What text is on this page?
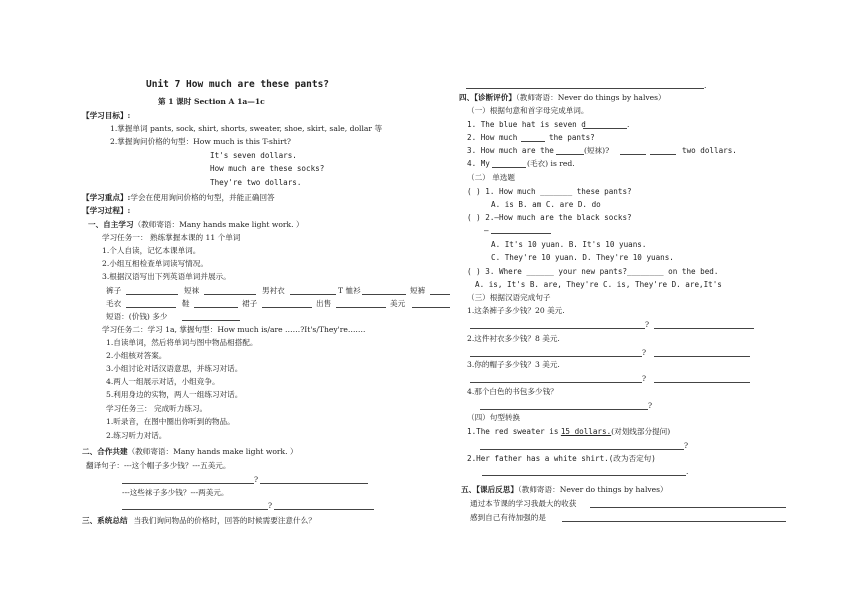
Unit 7 How much are these pants?
第 1 课时 Section A 1a—1c
【学习目标】:
1.掌握单词 pants, sock, shirt, shorts, sweater, shoe, skirt, sale, dollar 等
2.掌握询问价格的句型：How much is this T-shirt?
It's seven dollars.
How much are these socks?
They're two dollars.
【学习重点】:学会在使用询问价格的句型，并能正确回答
【学习过程】:
一、自主学习（教师寄语：Many hands make light work. ）
学习任务一： 熟练掌握本课的 11 个单词
1.个人自读，记忆本课单词。
2.小组互相检查单词读写情况。
3.根据汉语写出下列英语单词并展示。
裤子	短袜	男衬衣	T 恤衫	短裤
毛衣	鞋	裙子	出售	美元
短语：(价钱) 多少
学习任务二：学习 1a, 掌握句型：How much is/are ……?It's/They're…….
1.自读单词，然后将单词与图中物品相搭配。
2.小组核对答案。
3.小组讨论对话汉语意思，并练习对话。
4.两人一组展示对话，小组竞争。
5.利用身边的实物，两人一组练习对话。
学习任务三： 完成听力练习。
1.听录音，在图中圈出你听到的物品。
2.练习听力对话。
二、合作共建（教师寄语：Many hands make light work. ）
翻译句子：---这个帽子多少钱？---五美元。
?
---这些袜子多少钱？---两美元。
?
三、系统总结 当我们询问物品的价格时，回答的时候需要注意什么？
.
四、【诊断评价】（教师寄语：Never do things by halves）
（一）根据句意和首字母完成单词。
1. The blue hat is seven d	.
2. How much	the pants?
3. How much are the	(短袜)?	two dollars.
4. My	(毛衣) is red.
（二） 单选题
( ) 1. How much _______ these pants?
A. is B. am C. are D. do
( ) 2.—How much are the black socks?
—
A. It's 10 yuan. B. It's 10 yuans.
C. They're 10 yuan. D. They're 10 yuans.
( ) 3. Where ______ your new pants?________ on the bed.
A. is, It's B. are, They're C. is, They're D. are,It's
（三）根据汉语完成句子
1.这条裤子多少钱？20 美元.
?
2.这件衬衣多少钱？8 美元.
?
3.你的帽子多少钱？3 美元.
?
4.那个白色的书包多少钱？
?
（四）句型转换
1.The red sweater is 15 dollars.(对划线部分提问)
?
2.Her father has a white shirt.(改为否定句)
.
五、【课后反思】（教师寄语：Never do things by halves）
通过本节课的学习我最大的收获
感到自己有待加强的是
